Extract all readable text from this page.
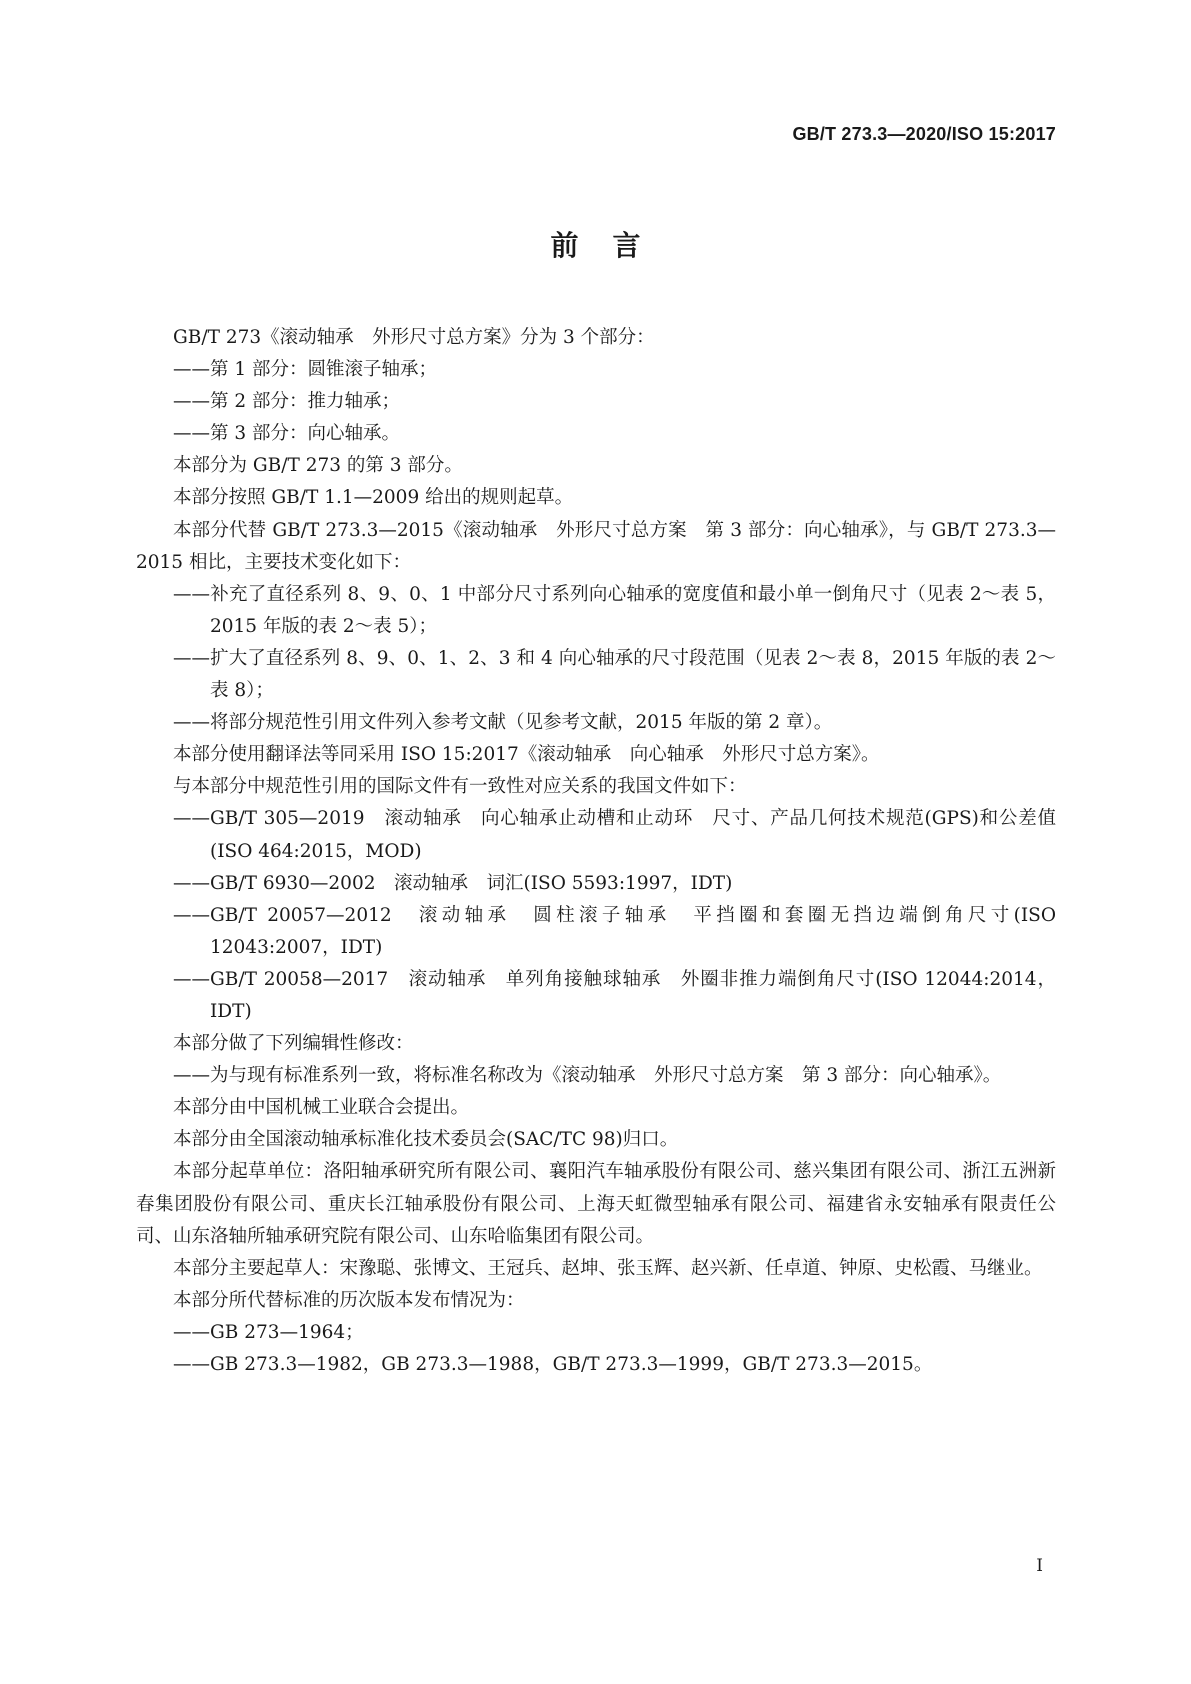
GB/T 273.3—2020/ISO 15:2017
前言
GB/T 273《滚动轴承　外形尺寸总方案》分为 3 个部分：
——第 1 部分：圆锥滚子轴承；
——第 2 部分：推力轴承；
——第 3 部分：向心轴承。
本部分为 GB/T 273 的第 3 部分。
本部分按照 GB/T 1.1—2009 给出的规则起草。
本部分代替 GB/T 273.3—2015《滚动轴承　外形尺寸总方案　第 3 部分：向心轴承》，与 GB/T 273.3—2015 相比，主要技术变化如下：
——补充了直径系列 8、9、0、1 中部分尺寸系列向心轴承的宽度值和最小单一倒角尺寸（见表 2～表 5，2015 年版的表 2～表 5）；
——扩大了直径系列 8、9、0、1、2、3 和 4 向心轴承的尺寸段范围（见表 2～表 8，2015 年版的表 2～表 8）；
——将部分规范性引用文件列入参考文献（见参考文献，2015 年版的第 2 章）。
本部分使用翻译法等同采用 ISO 15:2017《滚动轴承　向心轴承　外形尺寸总方案》。
与本部分中规范性引用的国际文件有一致性对应关系的我国文件如下：
——GB/T 305—2019　滚动轴承　向心轴承止动槽和止动环　尺寸、产品几何技术规范(GPS)和公差值(ISO 464:2015，MOD)
——GB/T 6930—2002　滚动轴承　词汇(ISO 5593:1997，IDT)
——GB/T 20057—2012　滚动轴承　圆柱滚子轴承　平挡圈和套圈无挡边端倒角尺寸(ISO 12043:2007，IDT)
——GB/T 20058—2017　滚动轴承　单列角接触球轴承　外圈非推力端倒角尺寸(ISO 12044:2014，IDT)
本部分做了下列编辑性修改：
——为与现有标准系列一致，将标准名称改为《滚动轴承　外形尺寸总方案　第 3 部分：向心轴承》。
本部分由中国机械工业联合会提出。
本部分由全国滚动轴承标准化技术委员会(SAC/TC 98)归口。
本部分起草单位：洛阳轴承研究所有限公司、襄阳汽车轴承股份有限公司、慈兴集团有限公司、浙江五洲新春集团股份有限公司、重庆长江轴承股份有限公司、上海天虹微型轴承有限公司、福建省永安轴承有限责任公司、山东洛轴所轴承研究院有限公司、山东哈临集团有限公司。
本部分主要起草人：宋豫聪、张博文、王冠兵、赵坤、张玉辉、赵兴新、任卓道、钟原、史松霞、马继业。
本部分所代替标准的历次版本发布情况为：
——GB 273—1964；
——GB 273.3—1982，GB 273.3—1988，GB/T 273.3—1999，GB/T 273.3—2015。
I
